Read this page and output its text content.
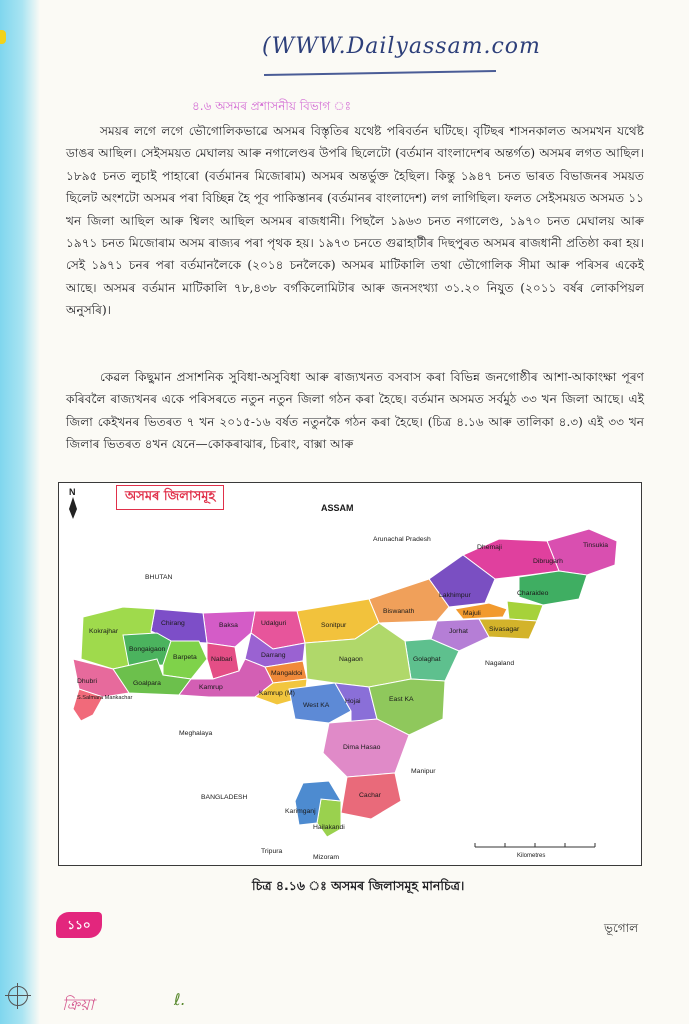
(WWW.Dailyassam.com
৪.৬ অসমৰ প্ৰশাসনীয় বিভাগ ঃ

সময়ৰ লগে লগে ভৌগোলিকভাৱে অসমৰ বিস্তৃতিৰ যথেষ্ট পৰিবৰ্তন ঘটিছে। বৃটিছৰ শাসনকালত অসমখন যথেষ্ট ডাঙৰ আছিল। সেইসময়ত মেঘালয় আৰু নগালেণ্ডৰ উপৰি ছিলেটো (বৰ্তমান বাংলাদেশৰ অন্তৰ্গত) অসমৰ লগত আছিল। ১৮৯৫ চনত লুচাই পাহাৰো (বৰ্তমানৰ মিজোৰাম) অসমৰ অন্তৰ্ভুক্ত হৈছিল। কিন্তু ১৯৪৭ চনত ভাৰত বিভাজনৰ সময়ত ছিলেট অংশটো অসমৰ পৰা বিচ্ছিন্ন হৈ পূব পাকিস্তানৰ (বৰ্তমানৰ বাংলাদেশ) লগ লাগিছিল। ফলত সেইসময়ত অসমত ১১ খন জিলা আছিল আৰু শ্বিলং আছিল অসমৰ ৰাজধানী। পিছলৈ ১৯৬৩ চনত নগালেণ্ড, ১৯৭০ চনত মেঘালয় আৰু ১৯৭১ চনত মিজোৰাম অসম ৰাজ্যৰ পৰা পৃথক হয়। ১৯৭৩ চনতে গুৱাহাটীৰ দিছপুৰত অসমৰ ৰাজধানী প্ৰতিষ্ঠা কৰা হয়। সেই ১৯৭১ চনৰ পৰা বৰ্তমানলৈকে (২০১৪ চনলৈকে) অসমৰ মাটিকালি তথা ভৌগোলিক সীমা আৰু পৰিসৰ একেই আছে। অসমৰ বৰ্তমান মাটিকালি ৭৮,৪৩৮ বৰ্গকিলোমিটাৰ আৰু জনসংখ্যা ৩১.২০ নিযুত (২০১১ বৰ্ষৰ লোকপিয়ল অনুসৰি)।

কেৱল কিছুমান প্ৰসাশনিক সুবিধা-অসুবিধা আৰু ৰাজ্যখনত বসবাস কৰা বিভিন্ন জনগোষ্ঠীৰ আশা-আকাংক্ষা পূৰণ কৰিবলৈ ৰাজ্যখনৰ একে পৰিসৰতে নতুন নতুন জিলা গঠন কৰা হৈছে। বৰ্তমান অসমত সৰ্বমুঠ ৩৩ খন জিলা আছে। এই জিলা কেইখনৰ ভিতৰত ৭ খন ২০১৫-১৬ বৰ্ষত নতুনকৈ গঠন কৰা হৈছে। (চিত্ৰ ৪.১৬ আৰু তালিকা ৪.৩) এই ৩৩ খন জিলাৰ ভিতৰত ৪খন যেনে—কোকৰাঝাৰ, চিৰাং, বাক্সা আৰু

N
ASSAM
Arunachal Pradesh
BHUTAN
Nagaland
Meghalaya
Manipur
Tripura
Mizoram
BANGLADESH
Dhemaji	Tinsukia
Dibrugarh
Lakhimpur	Charaideo
Majuli
Sivasagar
Jorhat
Biswanath
Sonitpur
Golaghat
Udalguri
Chirang	Baksa
Kokrajhar
Bongaigaon
Barpeta Nalbari
Darrang
Mangaldoi
Nagaon
Goalpara
Kamrup
Kamrup (M)
East KA
West KA
Hojai
Dhubri
S.Salmara Mankachar
Dima Hasao
Cachar
Karimganj
Hailakandi
Kilometres
অসমৰ জিলাসমূহ
চিত্ৰ ৪.১৬ ঃ অসমৰ জিলাসমূহ মানচিত্ৰ।
১১০	ভূগোল
ক্ৰিয়া	ℓ.
